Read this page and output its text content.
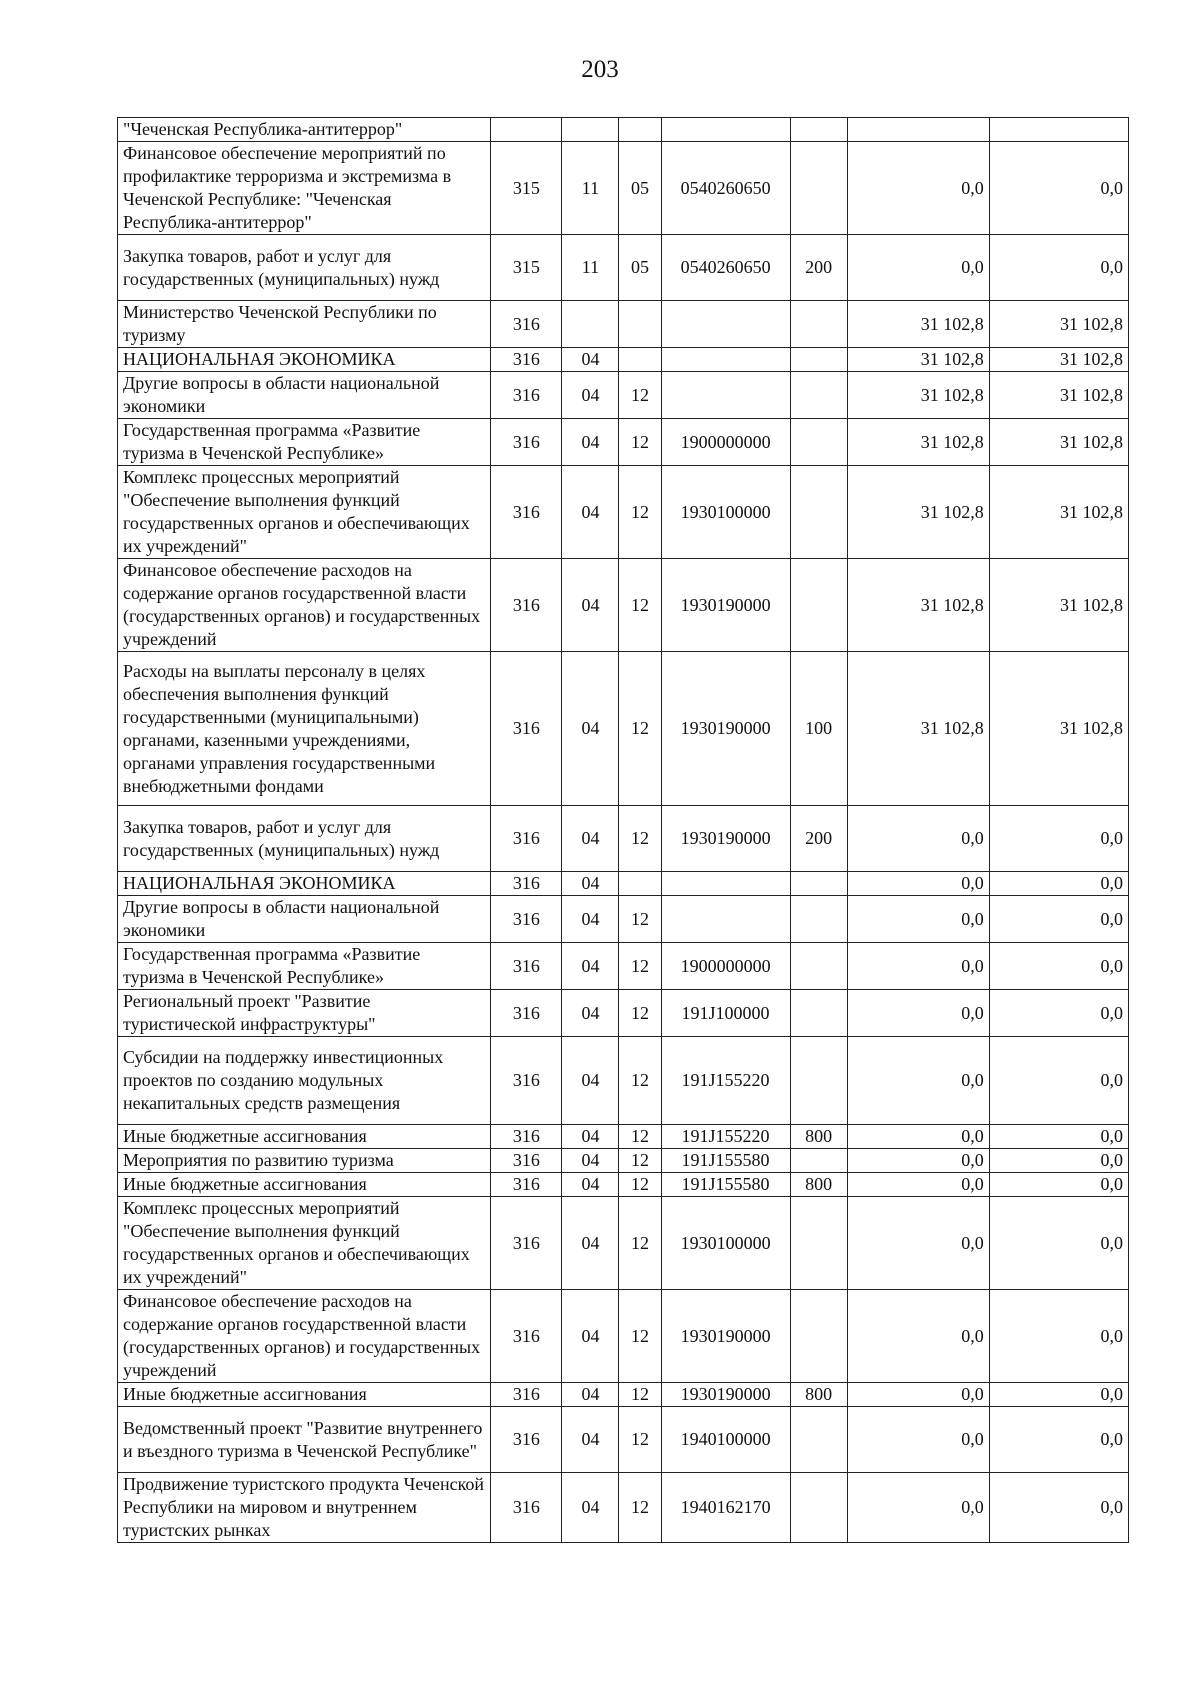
203
"Чеченская Республика-антитеррор"							
Финансовое обеспечение мероприятий по профилактике терроризма и экстремизма в Чеченской Республике: "Чеченская Республика-антитеррор"	315	11	05	0540260650		0,0	0,0
Закупка товаров, работ и услуг для государственных (муниципальных) нужд	315	11	05	0540260650	200	0,0	0,0
Министерство Чеченской Республики по туризму	316					31 102,8	31 102,8
НАЦИОНАЛЬНАЯ ЭКОНОМИКА	316	04				31 102,8	31 102,8
Другие вопросы в области национальной экономики	316	04	12			31 102,8	31 102,8
Государственная программа «Развитие туризма в Чеченской Республике»	316	04	12	1900000000		31 102,8	31 102,8
Комплекс процессных мероприятий "Обеспечение выполнения функций государственных органов и обеспечивающих их учреждений"	316	04	12	1930100000		31 102,8	31 102,8
Финансовое обеспечение расходов на содержание органов государственной власти (государственных органов) и государственных учреждений	316	04	12	1930190000		31 102,8	31 102,8
Расходы на выплаты персоналу в целях обеспечения выполнения функций государственными (муниципальными) органами, казенными учреждениями, органами управления государственными внебюджетными фондами	316	04	12	1930190000	100	31 102,8	31 102,8
Закупка товаров, работ и услуг для государственных (муниципальных) нужд	316	04	12	1930190000	200	0,0	0,0
НАЦИОНАЛЬНАЯ ЭКОНОМИКА	316	04				0,0	0,0
Другие вопросы в области национальной экономики	316	04	12			0,0	0,0
Государственная программа «Развитие туризма в Чеченской Республике»	316	04	12	1900000000		0,0	0,0
Региональный проект "Развитие туристической инфраструктуры"	316	04	12	191J100000		0,0	0,0
Субсидии на поддержку инвестиционных проектов по созданию модульных некапитальных средств размещения	316	04	12	191J155220		0,0	0,0
Иные бюджетные ассигнования	316	04	12	191J155220	800	0,0	0,0
Мероприятия по развитию туризма	316	04	12	191J155580		0,0	0,0
Иные бюджетные ассигнования	316	04	12	191J155580	800	0,0	0,0
Комплекс процессных мероприятий "Обеспечение выполнения функций государственных органов и обеспечивающих их учреждений"	316	04	12	1930100000		0,0	0,0
Финансовое обеспечение расходов на содержание органов государственной власти (государственных органов) и государственных учреждений	316	04	12	1930190000		0,0	0,0
Иные бюджетные ассигнования	316	04	12	1930190000	800	0,0	0,0
Ведомственный проект "Развитие внутреннего и въездного туризма в Чеченской Республике"	316	04	12	1940100000		0,0	0,0
Продвижение туристского продукта Чеченской Республики на мировом и внутреннем туристских рынках	316	04	12	1940162170		0,0	0,0
